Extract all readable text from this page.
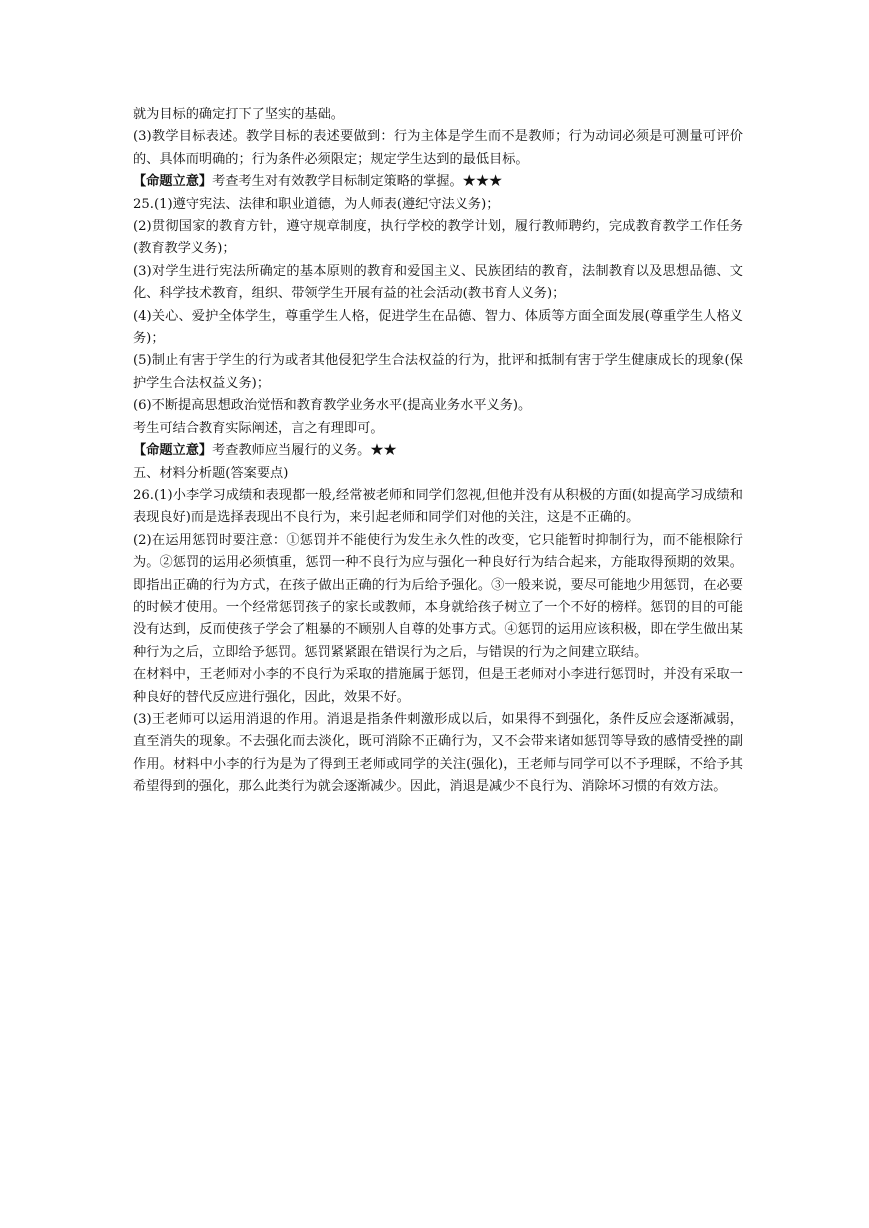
就为目标的确定打下了坚实的基础。

(3)教学目标表述。教学目标的表述要做到：行为主体是学生而不是教师；行为动词必须是可测量可评价的、具体而明确的；行为条件必须限定；规定学生达到的最低目标。

【命题立意】考查考生对有效教学目标制定策略的掌握。★★★

25.(1)遵守宪法、法律和职业道德，为人师表(遵纪守法义务)；

(2)贯彻国家的教育方针，遵守规章制度，执行学校的教学计划，履行教师聘约，完成教育教学工作任务(教育教学义务)；

(3)对学生进行宪法所确定的基本原则的教育和爱国主义、民族团结的教育，法制教育以及思想品德、文化、科学技术教育，组织、带领学生开展有益的社会活动(教书育人义务)；

(4)关心、爱护全体学生，尊重学生人格，促进学生在品德、智力、体质等方面全面发展(尊重学生人格义务)；

(5)制止有害于学生的行为或者其他侵犯学生合法权益的行为，批评和抵制有害于学生健康成长的现象(保护学生合法权益义务)；

(6)不断提高思想政治觉悟和教育教学业务水平(提高业务水平义务)。

考生可结合教育实际阐述，言之有理即可。

【命题立意】考查教师应当履行的义务。★★

五、材料分析题(答案要点)

26.(1)小李学习成绩和表现都一般,经常被老师和同学们忽视,但他并没有从积极的方面(如提高学习成绩和表现良好)而是选择表现出不良行为，来引起老师和同学们对他的关注，这是不正确的。

(2)在运用惩罚时要注意：①惩罚并不能使行为发生永久性的改变，它只能暂时抑制行为，而不能根除行为。②惩罚的运用必须慎重，惩罚一种不良行为应与强化一种良好行为结合起来，方能取得预期的效果。即指出正确的行为方式，在孩子做出正确的行为后给予强化。③一般来说，要尽可能地少用惩罚，在必要的时候才使用。一个经常惩罚孩子的家长或教师，本身就给孩子树立了一个不好的榜样。惩罚的目的可能没有达到，反而使孩子学会了粗暴的不顾别人自尊的处事方式。④惩罚的运用应该积极，即在学生做出某种行为之后，立即给予惩罚。惩罚紧紧跟在错误行为之后，与错误的行为之间建立联结。

在材料中，王老师对小李的不良行为采取的措施属于惩罚，但是王老师对小李进行惩罚时，并没有采取一种良好的替代反应进行强化，因此，效果不好。

(3)王老师可以运用消退的作用。消退是指条件刺激形成以后，如果得不到强化，条件反应会逐渐减弱，直至消失的现象。不去强化而去淡化，既可消除不正确行为，又不会带来诸如惩罚等导致的感情受挫的副作用。材料中小李的行为是为了得到王老师或同学的关注(强化)，王老师与同学可以不予理睬，不给予其希望得到的强化，那么此类行为就会逐渐减少。因此，消退是减少不良行为、消除坏习惯的有效方法。
